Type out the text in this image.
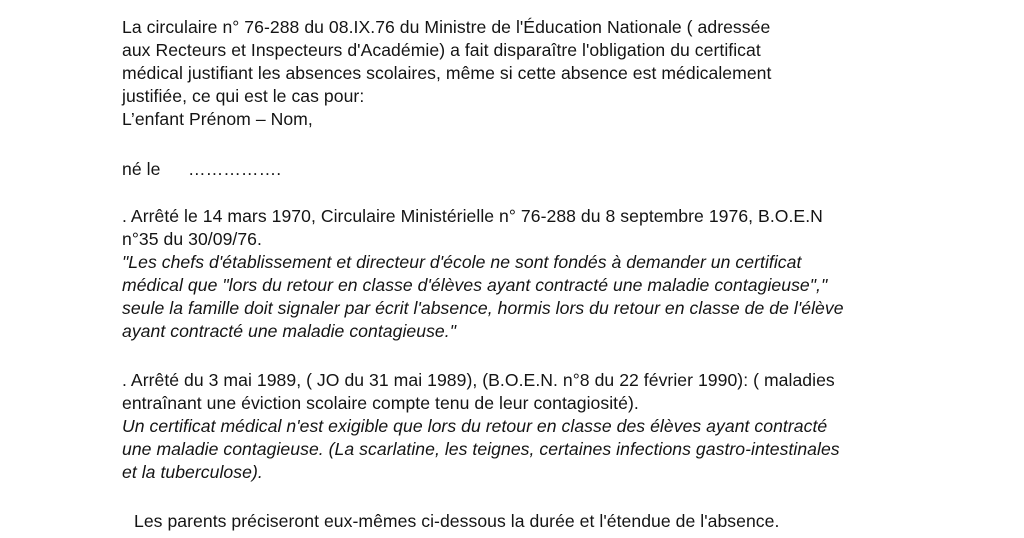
La circulaire n° 76-288 du 08.IX.76 du Ministre de l'Éducation Nationale ( adressée
aux Recteurs et Inspecteurs d'Académie) a fait disparaître l'obligation du certificat
médical justifiant les absences scolaires, même si cette absence est médicalement
justifiée, ce qui est le cas pour:
L’enfant Prénom – Nom,
né le …………….
. Arrêté le 14 mars 1970, Circulaire Ministérielle n° 76-288 du 8 septembre 1976, B.O.E.N
n°35 du 30/09/76.
"Les chefs d'établissement et directeur d'école ne sont fondés à demander un certificat
médical que "lors du retour en classe d'élèves ayant contracté une maladie contagieuse","
seule la famille doit signaler par écrit l'absence, hormis lors du retour en classe de de l'élève
ayant contracté une maladie contagieuse."
. Arrêté du 3 mai 1989, ( JO du 31 mai 1989), (B.O.E.N. n°8 du 22 février 1990): ( maladies
entraînant une éviction scolaire compte tenu de leur contagiosité).
Un certificat médical n'est exigible que lors du retour en classe des élèves ayant contracté
une maladie contagieuse. (La scarlatine, les teignes, certaines infections gastro-intestinales
et la tuberculose).
Les parents préciseront eux-mêmes ci-dessous la durée et l'étendue de l'absence.
